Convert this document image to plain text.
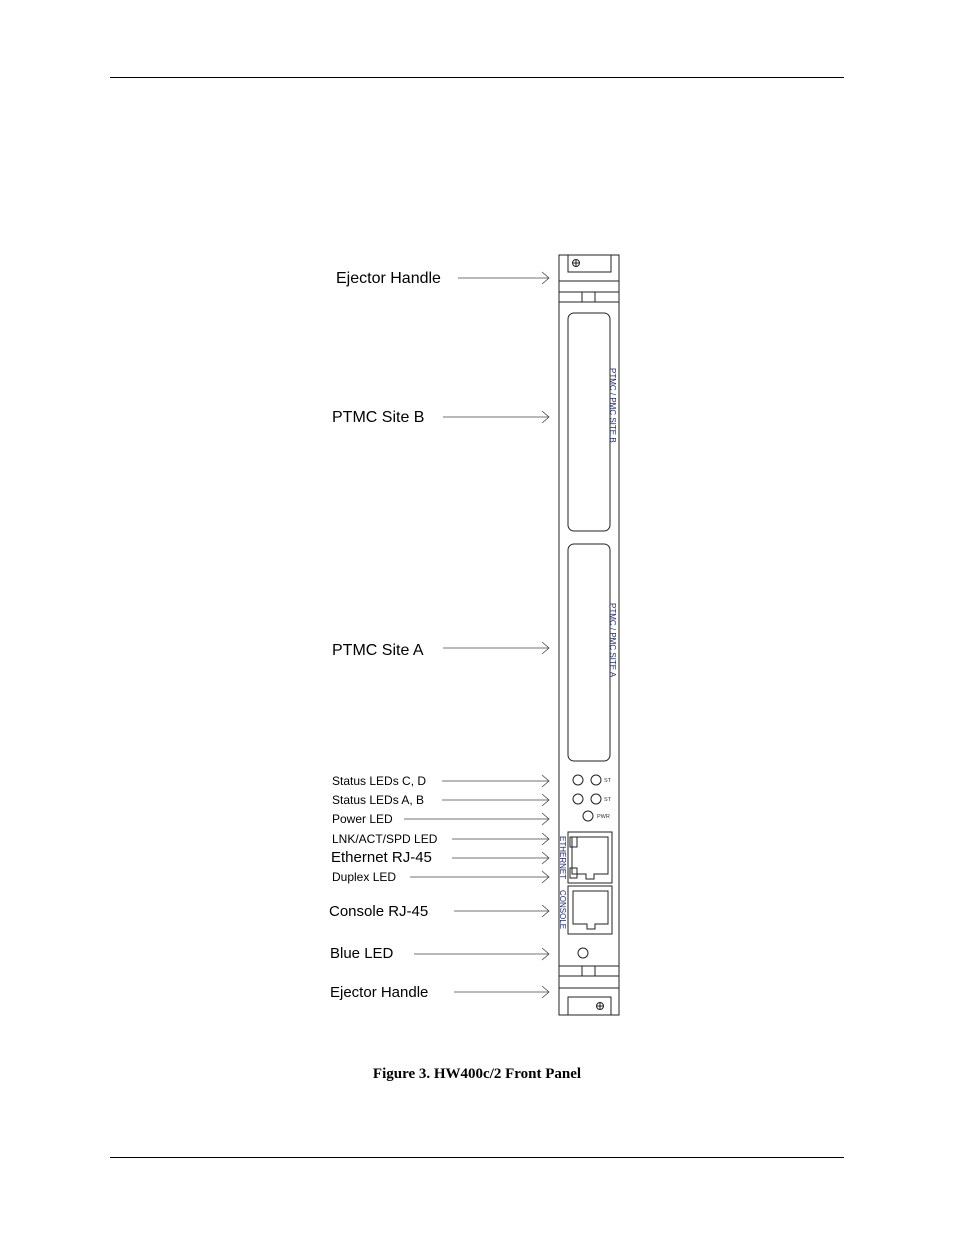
Ejector Handle
PTMC Site B
PTMC Site A
Status LEDs C, D
Status LEDs A, B
Power LED
LNK/ACT/SPD LED
Ethernet RJ-45
Duplex LED
Console RJ-45
Blue LED
Ejector Handle
PTMC / PMC SITE B
PTMC / PMC SITE A
ETHERNET
CONSOLE
ST
ST
PWR
Figure 3. HW400c/2 Front Panel
